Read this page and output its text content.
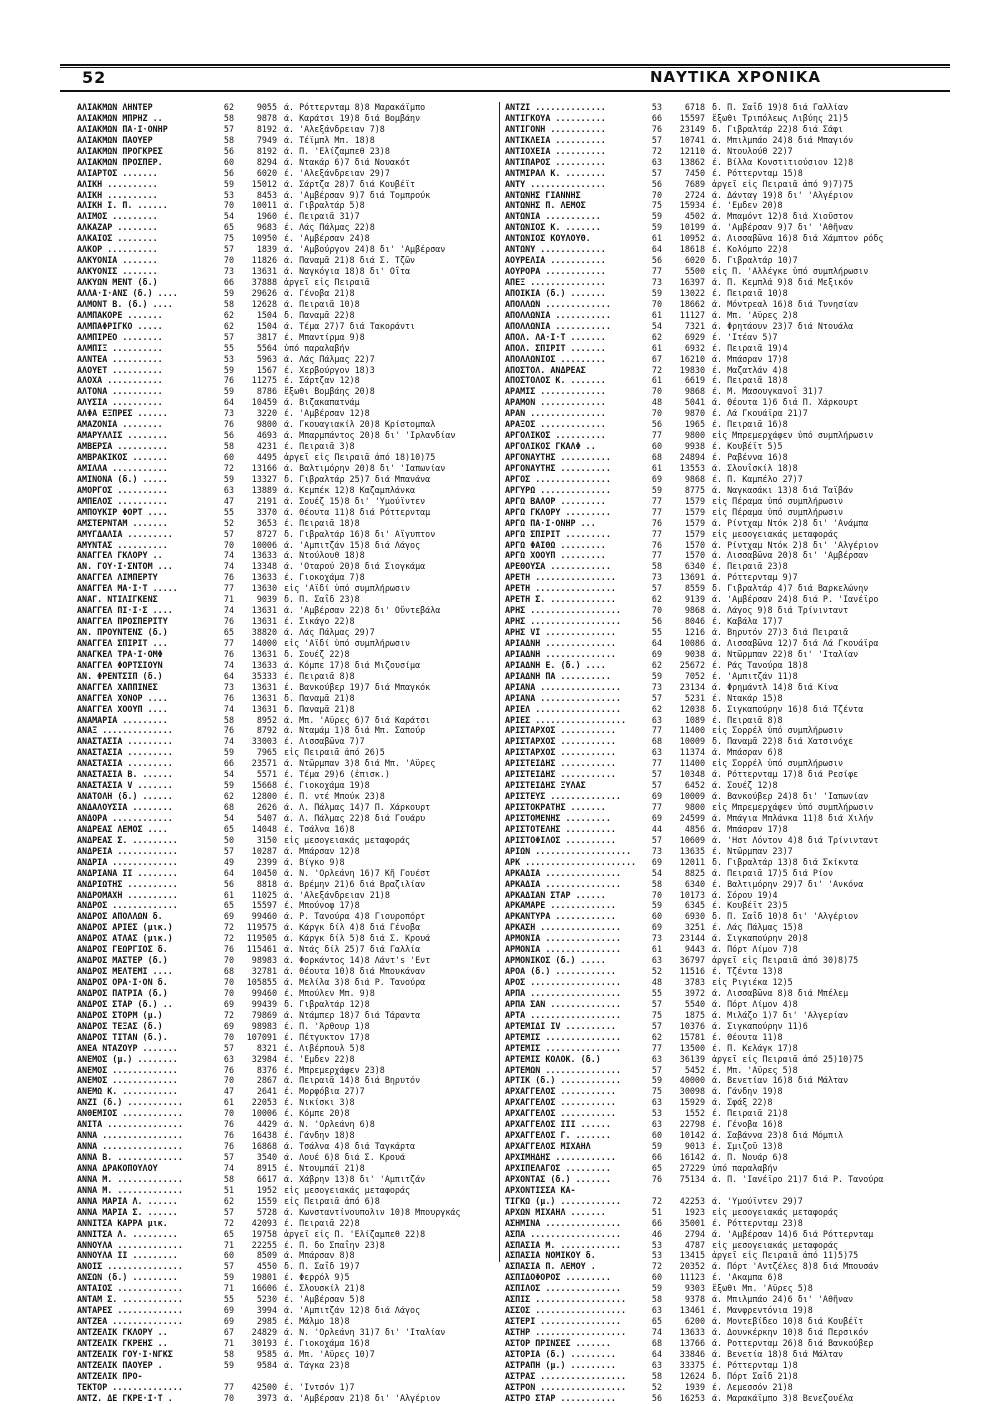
52	ΝΑΥΤΙΚΑ ΧΡΟΝΙΚΑ
ΑΛΙΑΚΜΩΝ ΛΗΝΤΕΡ	62	9055 ά. Ρόττερνταμ 8)8 Μαρακάϊμπο
ΑΛΙΑΚΜΩΝ ΜΠΡΗΖ ..	58	9878 ά. Καράτσι 19)8 διά Βομβάην
ΑΛΙΑΚΜΩΝ ΠΑ·Ι·ΟΝΗΡ	57	8192 ά. 'Αλεξάνδρειαν 7)8
ΑΛΙΑΚΜΩΝ ΠΑΟΥΕΡ	58	7949 ά. Τέϊμπλ Μπ. 18)8
ΑΛΙΑΚΜΩΝ ΠΡΟΓΚΡΕΣ	56	8192 ά. Π. 'Ελίζαμπεθ 23)8
ΑΛΙΑΚΜΩΝ ΠΡΟΣΠΕΡ.	60	8294 ά. Ντακάρ 6)7 διά Νουακότ
ΑΛΙΑΡΤΟΣ .......	56	6020 έ. 'Αλεξάνδρειαν 29)7
ΑΛΙΚΗ ..........	59	15012 ά. Σάρτζα 28)7 διά Κουβέϊτ
ΑΛΙΚΗ ..........	53	8453 ά. 'Αμβέρσαν 9)7 διά Τομπρούκ
ΑΛΙΚΗ Ι. Π. ......	70	10011 ά. Γιβραλτάρ 5)8
ΑΛΙΜΟΣ .........	54	1960 έ. Πειραιᾶ 31)7
ΑΛΚΑΖΑΡ ........	65	9683 έ. Λάς Πάλμας 22)8
ΑΛΚΑΙΟΣ ........	75	10950 έ. 'Αμβέρσαν 24)8
ΑΛΚΟΡ ..........	57	1839 ά. 'Αμβούργον 24)8 δι' 'Αμβέρσαν
ΑΛΚΥΟΝΙΑ .......	70	11826 ά. Παναμᾶ 21)8 διά Σ. Τζῶν
ΑΛΚΥΟΝΙΣ .......	73	13631 ά. Ναγκόγια 18)8 δι' Οΐτα
ΑΛΚΥΩΝ ΜΕΝΤ (δ.)	66	37888 ἀργεῖ εἰς Πειραιᾶ
ΑΛΛΑ·Ι·ΑΝΣ (δ.) ....	59	29626 ά. Γένοβα 21)8
ΑΛΜΟΝΤ Β. (δ.) ....	58	12628 ά. Πειραιᾶ 10)8
ΑΛΜΠΑΚΟΡΕ .......	62	1504 δ. Παναμᾶ 22)8
ΑΛΜΠΑΦΡΙΓΚΟ .....	62	1504 ά. Τέμα 27)7 διά Τακοράντι
ΑΛΜΠΙΡΕΟ ........	57	3817 έ. Μπαντίρμα 9)8
ΑΛΜΠΙΞ ..........	55	5564 ὑπό παραλαβήν
ΑΛΝΤΕΑ ..........	53	5963 ά. Λάς Πάλμας 22)7
ΑΛΟΥΕΤ ..........	59	1567 έ. Χερβούργον 18)3
ΑΛΟΧΑ ...........	76	11275 έ. Σάρτζαν 12)8
ΑΛΤΟΝΑ ..........	59	8786 ἔξωθι Βομβάης 20)8
ΑΛΥΣΙΑ ..........	64	10459 ά. Βιζακαπατνάμ
ΑΛΦΑ ΕΞΠΡΕΣ ......	73	3220 έ. 'Αμβέρσαν 12)8
ΑΜΑΖΟΝΙΑ ........	76	9800 ά. Γκουαγιακίλ 20)8 Κρίστομπαλ
ΑΜΑΡΥΛΛΙΣ ........	56	4693 ά. Μπαρμπάντος 20)8 δι' 'Ιρλανδίαν
ΑΜΒΕΡΣΑ ..........	58	4231 έ. Πειραιᾶ 3)8
ΑΜΒΡΑΚΙΚΟΣ .......	60	4495 ἀργεῖ εἰς Πειραιᾶ ἀπό 18)10)75
ΑΜΙΛΛΑ ...........	72	13166 ά. Βαλτιμόρην 20)8 δι' 'Ιαπωνίαν
ΑΜΙΝΟΝΑ (δ.) .....	59	13327 δ. Γιβραλτάρ 25)7 διά Μπανάνα
ΑΜΟΡΓΟΣ ..........	63	13889 ά. Κεμπέκ 12)8 Καζαμπλάνκα
ΑΜΠΕΛΟΣ ..........	47	2191 ά. Σουέζ 15)8 δι' 'Υμούϊντεν
ΑΜΠΟΥΚΙΡ ΦΟΡΤ ....	55	3370 ά. Θέουτα 11)8 διά Ρόττερνταμ
ΑΜΣΤΕΡΝΤΑΜ .......	52	3653 έ. Πειραιᾶ 18)8
ΑΜΥΓΔΑΛΙΑ .........	57	8727 δ. Γιβραλτάρ 16)8 δι' Αἴγυπτον
ΑΜΥΝΤΑΣ ..........	70	10006 ά. 'Αμπιτζάν 15)8 διά Λάγος
ΑΝΑΓΓΕΛ ΓΚΛΟΡΥ ..	74	13633 ά. Ντούλουθ 18)8
ΑΝ. ΓΟΥ·Ι·ΣΝΤΟΜ ...	74	13348 ά. 'Οταρού 20)8 διά Σιογκάμα
ΑΝΑΓΓΕΛ ΛΙΜΠΕΡΤΥ	76	13633 έ. Γιοκοχάμα 7)8
ΑΝΑΓΓΕΛ ΜΑ·Ι·Τ .....	77	13630 εἰς 'Αϊδί ὑπό συμπλήρωσιν
ΑΝΑΓ. ΝΤΙΛΙΓΚΕΝΣ	71	9039 δ. Π. Σαΐδ 23)8
ΑΝΑΓΓΕΛ ΠΙ·Ι·Σ ....	74	13631 ά. 'Αμβέρσαν 22)8 δι' Οὔντεβάλα
ΑΝΑΓΓΕΛ ΠΡΟΣΠΕΡΙΤΥ	76	13631 έ. Σικάγο 22)8
ΑΝ. ΠΡΟΥΝΤΕΝΣ (δ.)	65	38820 ά. Λάς Πάλμας 29)7
ΑΝΑΓΓΕΛ ΣΠΙΡΙΤ ...	77	14000 εἰς 'Αϊδί ὑπό συμπλήρωσιν
ΑΝΑΓΚΕΛ ΤΡΑ·Ι·ΟΜΦ	76	13631 δ. Σουέζ 22)8
ΑΝΑΓΓΕΛ ΦΟΡΤΣΙΟΥΝ	74	13633 ά. Κόμπε 17)8 διά Μιζουσίμα
ΑΝ. ΦΡΕΝΤΣΙΠ (δ.)	64	35333 έ. Πειραιᾶ 8)8
ΑΝΑΓΓΕΛ ΧΑΠΠΙΝΕΣ	73	13631 έ. Βανκούβερ 19)7 διά Μπαγκόκ
ΑΝΑΓΓΕΛ ΧΟΝΟΡ ....	76	13631 δ. Παναμᾶ 21)8
ΑΝΑΓΓΕΛ ΧΟΟΥΠ ....	74	13631 δ. Παναμᾶ 21)8
ΑΝΑΜΑΡΙΑ .........	58	8952 ά. Μπ. 'Αϋρες 6)7 διά Καράτσι
ΑΝΑΞ ..............	76	8792 ά. Νταμάμ 1)8 διά Μπ. Σαπούρ
ΑΝΑΣΤΑΣΙΑ .........	74	33003 έ. Λισσαβῶνα 7)7
ΑΝΑΣΤΑΣΙΑ .........	59	7965 εἰς Πειραιᾶ ἀπό 26)5
ΑΝΑΣΤΑΣΙΑ .........	66	23571 ά. Ντῶρμπαν 3)8 διά Μπ. 'Αϋρες
ΑΝΑΣΤΑΣΙΑ Β. ......	54	5571 έ. Τέμα 29)6 (ἐπισκ.)
ΑΝΑΣΤΑΣΙΑ V .......	59	15668 έ. Γιοκοχάμα 19)8
ΑΝΑΤΟΛΗ (δ.) ......	62	12800 έ. Π. ντέ Μπούκ 23)8
ΑΝΔΑΛΟΥΣΙΑ ........	68	2626 ά. Λ. Πάλμας 14)7 Π. Χάρκουρτ
ΑΝΔΟΡΑ ............	54	5407 ά. Λ. Πάλμας 22)8 διά Γουάρυ
ΑΝΔΡΕΑΣ ΛΕΜΟΣ ....	65	14048 έ. Τσάλνα 16)8
ΑΝΔΡΕΑΣ Σ. .........	50	3150 εἰς μεσογειακάς μεταφοράς
ΑΝΔΡΕΙΑ ............	57	10287 ά. Μπάρσαν 12)8
ΑΝΔΡΙΑ .............	49	2399 ά. Βίγκο 9)8
ΑΝΔΡΙΑΝΑ ΙΙ ........	64	10450 ά. Ν. 'Ορλεάνη 16)7 Κῆ Γουέστ
ΑΝΔΡΙΩΤΗΣ ..........	56	8818 ά. Βρέμην 21)6 διά Βραζιλίαν
ΑΝΔΡΟΜΑΧΗ ..........	61	11025 ά. 'Αλεξάνδρειαν 21)8
ΑΝΔΡΟΣ .............	65	15597 έ. Μπούνοφ 17)8
ΑΝΔΡΟΣ ΑΠΟΛΛΩΝ δ.	69	99460 ά. Ρ. Τανούρα 4)8 Γιουροπόρτ
ΑΝΔΡΟΣ ΑΡΙΕΣ (μικ.)	72	119575 ά. Κάργκ δίλ 4)8 διά Γένοβα
ΑΝΔΡΟΣ ΑΤΛΑΣ (μικ.)	72	119505 ά. Κάργκ δίλ 5)8 διά Σ. Κρουά
ΑΝΔΡΟΣ ΓΕΩΡΓΙΟΣ δ.	76	115461 ά. Ντάς δίλ 25)7 διά Γαλλία
ΑΝΔΡΟΣ ΜΑΣΤΕΡ (δ.)	70	98983 ά. Φορκάντος 14)8 Λάντ's 'Εντ
ΑΝΔΡΟΣ ΜΕΛΤΕΜΙ ....	68	32781 ά. Θέουτα 10)8 διά Μπουκάναν
ΑΝΔΡΟΣ ΟΡΑ·Ι·ΟΝ δ.	70	105855 ά. Μελίλα 3)8 διά Ρ. Τανούρα
ΑΝΔΡΟΣ ΠΑΤΡΙΑ (δ.)	70	99460 έ. Μπούλεν Μπ. 9)8
ΑΝΔΡΟΣ ΣΤΑΡ (δ.) ..	69	99439 δ. Γιβραλτάρ 12)8
ΑΝΔΡΟΣ ΣΤΟΡΜ (μ.)	72	79869 ά. Ντάμπερ 18)7 διά Τάραντα
ΑΝΔΡΟΣ ΤΕΞΑΣ (δ.)	69	98983 έ. Π. 'Άρθουρ 1)8
ΑΝΔΡΟΣ ΤΙΤΑΝ (δ.).	70	107091 έ. Πέτγυκτον 17)8
ΑΝΕΑ ΝΤΑΖΟΥΡ .......	57	8321 έ. Λιβέρπουλ 5)8
ΑΝΕΜΟΣ (μ.) ........	63	32984 έ. 'Εμδεν 22)8
ΑΝΕΜΟΣ .............	76	8376 έ. Μπρεμερχάφεν 23)8
ΑΝΕΜΟΣ .............	70	2867 ά. Πειραιᾶ 14)8 διά Βηρυτόν
ΑΝΕΜΩ Κ. ...........	47	2641 έ. Μορφόβια 27)7
ΑΝΖΙ (δ.) ...........	61	22053 έ. Νικίσκι 3)8
ΑΝΘΕΜΙΟΣ ............	70	10006 έ. Κόμπε 20)8
ΑΝΙΤΑ ...............	76	4429 ά. Ν. 'Ορλεάνη 6)8
ΑΝΝΑ ................	76	16438 έ. Γάνδην 18)8
ΑΝΝΑ ................	76	16868 ά. Τσάλνα 4)8 διά Ταγκάρτα
ΑΝΝΑ Β. .............	57	3540 ά. Λουέ 6)8 διά Σ. Κρουά
ΑΝΝΑ ΔΡΑΚΟΠΟΥΛΟΥ	74	8915 έ. Ντουμπάϊ 21)8
ΑΝΝΑ Μ. .............	58	6617 ά. Χάβρην 13)8 δι' 'Αμπιτζάν
ΑΝΝΑ Μ. .............	51	1952 εἰς μεσογειακάς μεταφοράς
ΑΝΝΑ ΜΑΡΙΑ Λ. ......	62	1559 εἰς Πειραιᾶ ἀπό 6)8
ΑΝΝΑ ΜΑΡΙΑ Σ. ......	57	5728 ά. Κωνσταντίνουπολιν 10)8 Μπουργκάς
ΑΝΝΙΤΣΑ ΚΑΡΡΑ μικ.	72	42093 έ. Πειραιᾶ 22)8
ΑΝΝΙΤΣΑ Λ. .........	65	19758 ἀργεῖ εἰς Π. 'Ελίζαμπεθ 22)8
ΑΝΝΟΥΛΑ .............	71	22255 έ. Π. δο Σπαΐην 23)8
ΑΝΝΟΥΛΑ ΙΙ .........	60	8509 ά. Μπάρσαν 8)8
ΑΝΟΙΣ ...............	57	4550 δ. Π. Σαΐδ 19)7
ΑΝΣΩΝ (δ.) .........	59	19801 έ. Φερρόλ 9)5
ΑΝΤΑΙΟΣ .............	71	16606 έ. Σλουσκίλ 21)8
ΑΝΤΑΜ Σ. ............	55	5230 έ. 'Αμβέρσαν 5)8
ΑΝΤΑΡΕΣ .............	69	3994 ά. 'Αμπιτζάν 12)8 διά Λάγος
ΑΝΤΖΕΑ ..............	69	2985 έ. Μάλμο 18)8
ΑΝΤΖΕΛΙΚ ΓΚΛΟΡΥ ..	67	24829 ά. Ν. 'Ορλεάνη 31)7 δι' 'Ιταλίαν
ΑΝΤΖΕΛΙΚ ΓΚΡΕΗΣ ..	71	30193 έ. Γιοκοχάμα 16)8
ΑΝΤΖΕΛΙΚ ΓΟΥ·Ι·ΝΓΚΣ	58	9585 ά. Μπ. 'Αϋρες 10)7
ΑΝΤΖΕΛΙΚ ΠΑΟΥΕΡ .	59	9584 ά. Τάγκα 23)8
ΑΝΤΖΕΛΙΚ ΠΡΟ-
ΤΕΚΤΟΡ ..............	77	42500 έ. 'Ιντσόν 1)7
ΑΝΤΖ. ΔΕ ΓΚΡΕ·Ι·Τ .	70	3973 ά. 'Αμβέρσαν 21)8 δι' 'Αλγέριον
ΑΝΤΖΙ ..............	53	6718 δ. Π. Σαΐδ 19)8 διά Γαλλίαν
ΑΝΤΙΓΚΟΥΑ ..........	66	15597 ἔξωθι Τριπόλεως Λιβύης 21)5
ΑΝΤΙΓΟΝΗ ...........	76	23149 δ. Γιβραλτάρ 22)8 διά Σάφι
ΑΝΤΙΚΛΕΙΑ ..........	57	10741 ά. Μπιλμπάο 24)8 διά Μπαγιόν
ΑΝΤΙΟΧΕΙΑ ..........	72	12110 ά. Ντουλούθ 22)7
ΑΝΤΙΠΑΡΟΣ ..........	63	13862 έ. Βίλλα Κονστιτιούσιον 12)8
ΑΝΤΜΙΡΑΛ Κ. ........	57	7450 έ. Ρόττερνταμ 15)8
ΑΝΤΥ ...............	56	7689 ἀργεῖ εἰς Πειραιᾶ ἀπό 9)7)75
ΑΝΤΩΝΗΣ ΓΙΑΝΝΗΣ	70	2724 ά. Δάνταγ 19)8 δι' 'Αλγέριον
ΑΝΤΩΝΗΣ Π. ΛΕΜΟΣ	75	15934 έ. 'Εμδεν 20)8
ΑΝΤΩΝΙΑ ...........	59	4502 ά. Μπαμόντ 12)8 διά Χιοῦστον
ΑΝΤΩΝΙΟΣ Κ. .......	59	10199 ά. 'Αμβέρσαν 9)7 δι' 'Αθῆναν
ΑΝΤΩΝΙΟΣ ΚΟΥΛΟΥΘ.	61	10952 ά. Λισσαβῶνα 16)8 διά Χάμπτον ρόδς
ΑΝΤΩΝΥ .............	64	18618 έ. Κολόμπο 22)8
ΑΟΥΡΕΛΙΑ ...........	56	6020 δ. Γιβραλτάρ 10)7
ΑΟΥΡΟΡΑ ............	77	5500 εἰς Π. 'Αλλέγκε ὑπό συμπλήρωσιν
ΑΠΕΞ ...............	73	16397 ά. Π. Κεμπλά 9)8 διά Μεξικόν
ΑΠΟΙΚΙΑ (δ.) .......	59	13022 έ. Πειραιᾶ 10)8
ΑΠΟΛΛΩΝ .............	70	18662 ά. Μόντρεαλ 16)8 διά Τυνησίαν
ΑΠΟΛΛΩΝΙΑ ...........	61	11127 ά. Μπ. 'Αϋρες 2)8
ΑΠΟΛΛΩΝΙΑ ...........	54	7321 ά. Φρητάουν 23)7 διά Ντουάλα
ΑΠΟΛ. ΛΑ·Ι·Τ .......	62	6929 έ. 'Ιτέαν 5)7
ΑΠΟΛ. ΣΠΙΡΙΤ .......	61	6932 έ. Πειραιᾶ 19)4
ΑΠΟΛΛΩΝΙΟΣ .........	67	16210 ά. Μπάσραν 17)8
ΑΠΟΣΤΟΛ. ΑΝΔΡΕΑΣ	72	19830 έ. Μαζατλάν 4)8
ΑΠΟΣΤΟΛΟΣ Κ. .......	61	6619 έ. Πειραιᾶ 18)8
ΑΡΑΜΙΣ .............	70	9868 έ. Μ. Μασουγκανοΐ 31)7
ΑΡΑΜΟΝ .............	48	5041 ά. Θέουτα 1)6 διά Π. Χάρκουρτ
ΑΡΑΝ ...............	70	9870 έ. Λά Γκουάϊρα 21)7
ΑΡΑΞΟΣ .............	56	1965 έ. Πειραιᾶ 16)8
ΑΡΓΟΛΙΚΟΣ ..........	77	9800 εἰς Μπρεμερχάφεν ὑπό συμπλήρωσιν
ΑΡΓΟΛΙΚΟΣ ΓΚΑΛΦ ..	60	9938 έ. Κουβέϊτ 5)5
ΑΡΓΟΝΑΥΤΗΣ ..........	68	24894 έ. Ραβέννα 16)8
ΑΡΓΟΝΑΥΤΗΣ ..........	61	13553 ά. Σλουΐσκίλ 18)8
ΑΡΓΟΣ ...............	69	9868 έ. Π. Καμπέλο 27)7
ΑΡΓΥΡΩ ..............	59	8775 ά. Ναγκασάκι 13)8 διά Ταϊβάν
ΑΡΓΩ ΒΑΛΟΡ .........	77	1579 εἰς Πέραμα ὑπό συμπλήρωσιν
ΑΡΓΩ ΓΚΛΟΡΥ .........	77	1579 εἰς Πέραμα ὑπό συμπλήρωσιν
ΑΡΓΩ ΠΑ·Ι·ΟΝΗΡ ...	76	1579 ά. Ρίντχαμ Ντόκ 2)8 δι' 'Ανάμπα
ΑΡΓΩ ΣΠΙΡΙΤ .........	77	1579 εἰς μεσογειακάς μεταφοράς
ΑΡΓΩ ΦΑΙΘΩ .........	76	1570 ά. Ρίντχαμ Ντόκ 2)8 δι' 'Αλγέριον
ΑΡΓΩ ΧΟΟΥΠ .........	77	1570 ά. Λισσαβῶνα 20)8 δι' 'Αμβέρσαν
ΑΡΕΘΟΥΣΑ ............	58	6340 έ. Πειραιᾶ 23)8
ΑΡΕΤΗ ................	73	13691 ά. Ρόττερνταμ 9)7
ΑΡΕΤΗ ................	57	8559 δ. Γιβραλτάρ 4)7 διά Βαρκελώνην
ΑΡΕΤΗ Σ. .............	62	9139 ά. 'Αμβέρσαν 24)8 διά Ρ. 'Ιανέϊρο
ΑΡΗΣ ..................	70	9868 ά. Λάγος 9)8 διά Τρίνινταντ
ΑΡΗΣ ..................	56	8046 έ. Καβάλα 17)7
ΑΡΗΣ VI ..............	55	1216 ά. Βηρυτόν 27)3 διά Πειραιᾶ
ΑΡΙΑΔΝΗ ..............	64	10086 ά. Λισσαβῶνα 12)7 διά Λά Γκουάϊρα
ΑΡΙΑΔΝΗ ..............	69	9038 ά. Ντῶρμπαν 22)8 δι' 'Ιταλίαν
ΑΡΙΑΔΝΗ Ε. (δ.) ....	62	25672 έ. Ράς Τανούρα 18)8
ΑΡΙΑΔΝΗ ΠΑ ..........	59	7052 έ. 'Αμπιτζάν 11)8
ΑΡΙΑΝΑ ................	73	23134 ά. Φρημάντλ 14)8 διά Κίνα
ΑΡΙΑΝΑ ................	57	5231 έ. Ντακάρ 15)8
ΑΡΙΕΛ .................	62	12038 δ. Σιγκαπούρην 16)8 διά Τζέντα
ΑΡΙΕΣ ..................	63	1089 έ. Πειραιᾶ 8)8
ΑΡΙΣΤΑΡΧΟΣ ...........	77	11400 εἰς Σορρέλ ὑπό συμπλήρωσιν
ΑΡΙΣΤΑΡΧΟΣ ...........	68	10009 δ. Παναμᾶ 22)8 διά Χατσινόχε
ΑΡΙΣΤΑΡΧΟΣ ...........	63	11374 ά. Μπάσραν 6)8
ΑΡΙΣΤΕΙΔΗΣ ...........	77	11400 εἰς Σορρέλ ὑπό συμπλήρωσιν
ΑΡΙΣΤΕΙΔΗΣ ...........	57	10348 ά. Ρόττερνταμ 17)8 διά Ρεσίφε
ΑΡΙΣΤΕΙΔΗΣ ΞΥΛΑΣ	57	6452 ά. Σουέζ 12)8
ΑΡΙΣΤΕΥΣ ..............	69	10009 ά. Βανκούβερ 24)8 δι' 'Ιαπωνίαν
ΑΡΙΣΤΟΚΡΑΤΗΣ .......	77	9800 εἰς Μπρεμερχάφεν ὑπό συμπλήρωσιν
ΑΡΙΣΤΟΜΕΝΗΣ .........	69	24599 ά. Μπάγια Μπλάνκα 11)8 διά Χιλήν
ΑΡΙΣΤΟΤΕΛΗΣ ..........	44	4856 ά. Μπάσραν 17)8
ΑΡΙΣΤΟΦΙΛΟΣ ..........	57	10609 ά. 'Ηστ Λόντον 4)8 διά Τρίνινταντ
ΑΡΙΩΝ ...................	73	13635 έ. Ντῶρμπαν 23)7
ΑΡΚ ......................	69	12011 δ. Γιβραλτάρ 13)8 διά Σκίκντα
ΑΡΚΑΔΙΑ ...............	54	8825 ά. Πειραιᾶ 17)5 διά Ρίον
ΑΡΚΑΔΙΑ ...............	58	6340 έ. Βαλτιμόρην 29)7 δι' 'Ανκόνα
ΑΡΚΑΔΙΑΝ ΣΤΑΡ ......	70	10173 ά. Σόρου 19)4
ΑΡΚΑΜΑΡΕ .............	59	6345 έ. Κουβέϊτ 23)5
ΑΡΚΑΝΤΥΡΑ ............	60	6930 δ. Π. Σαΐδ 10)8 δι' 'Αλγέριον
ΑΡΚΑΣΗ ................	69	3251 έ. Λάς Πάλμας 15)8
ΑΡΜΟΝΙΑ ...............	73	23144 ά. Σιγκαπούρην 20)8
ΑΡΜΟΝΙΑ ...............	61	9443 ά. Πόρτ Λίμον 7)8
ΑΡΜΟΝΙΚΟΣ (δ.) .....	63	36797 ἀργεῖ εἰς Πειραιᾶ ἀπό 30)8)75
ΑΡΟΑ (δ.) ............	52	11516 έ. Τζέντα 13)8
ΑΡΟΣ ..................	48	3783 εἰς Ριγιέκα 12)5
ΑΡΠΑ ..................	55	3972 ά. Λισσαβῶνα 8)8 διά Μπέλεμ
ΑΡΠΑ ΣΑΝ ..............	57	5540 ά. Πόρτ Λίμον 4)8
ΑΡΤΑ ..................	75	1875 ά. Μιλάζο 1)7 δι' 'Αλγερίαν
ΑΡΤΕΜΙΔΙ IV ..........	57	10376 ά. Σιγκαπούρην 11)6
ΑΡΤΕΜΙΣ ...............	62	15781 έ. Θέουτα 11)8
ΑΡΤΕΜΙΣ ...............	77	13500 έ. Π. Κελάγκ 17)8
ΑΡΤΕΜΙΣ ΚΟΛΟΚ. (δ.)	63	36139 ἀργεῖ εἰς Πειραιᾶ ἀπό 25)10)75
ΑΡΤΕΜΩΝ ...............	57	5452 έ. Μπ. 'Αϋρες 5)8
ΑΡΤΙΚ (δ.) ............	59	40000 ά. Βενετίαν 16)8 διά Μάλταν
ΑΡΧΑΓΓΕΛΟΣ ...........	75	30098 ά. Γάνδην 19)8
ΑΡΧΑΓΓΕΛΟΣ ...........	63	15929 ά. Σφάξ 22)8
ΑΡΧΑΓΓΕΛΟΣ ...........	53	1552 έ. Πειραιᾶ 21)8
ΑΡΧΑΓΓΕΛΟΣ ΙΙΙ ......	63	22798 έ. Γένοβα 16)8
ΑΡΧΑΓΓΕΛΟΣ Γ. .......	60	10142 ά. Σαβάννα 23)8 διά Μόμπιλ
ΑΡΧΑΓΓΕΛΟΣ ΜΙΧΑΗΛ	59	9013 έ. Σμιζοῦ 13)8
ΑΡΧΙΜΗΔΗΣ ............	66	16142 ά. Π. Νουάρ 6)8
ΑΡΧΙΠΕΛΑΓΟΣ .........	65	27229 ὑπό παραλαβήν
ΑΡΧΟΝΤΑΣ (δ.) .......	76	75134 ά. Π. 'Ιανέϊρο 21)7 διά Ρ. Τανούρα
ΑΡΧΟΝΤΙΣΣΑ ΚΑ-
ΤΙΓΚΩ (μ.) ............	72	42253 ά. 'Υμούϊντεν 29)7
ΑΡΧΩΝ ΜΙΧΑΗΛ .......	51	1923 εἰς μεσογειακάς μεταφοράς
ΑΣΗΜΙΝΑ ...............	66	35001 έ. Ρόττερνταμ 23)8
ΑΣΠΑ ..................	46	2794 ά. 'Αμβέρσαν 14)6 διά Ρόττερνταμ
ΑΣΠΑΣΙΑ Μ. ............	53	4787 εἰς μεσογειακάς μεταφοράς
ΑΣΠΑΣΙΑ ΝΟΜΙΚΟΥ δ.	53	13415 ἀργεῖ εἰς Πειραιᾶ ἀπό 11)5)75
ΑΣΠΑΣΙΑ Π. ΛΕΜΟΥ .	72	20352 ά. Πόρτ 'Αντζέλες 8)8 διά Μπουσάν
ΑΣΠΙΔΟΦΟΡΟΣ .........	60	11123 έ. 'Ακαμπα 6)8
ΑΣΠΙΛΟΣ ...............	59	9303 ἔξωθι Μπ. 'Αϋρες 5)8
ΑΣΠΙΣ ..................	58	9378 ά. Μπιλμπάο 24)6 δι' 'Αθῆναν
ΑΣΣΟΣ ..................	63	13461 έ. Μανφρεντόνια 19)8
ΑΣΤΕΡΙ ................	65	6200 ά. Μοντεβίδεο 10)8 διά Κουβέϊτ
ΑΣΤΗΡ ..................	74	13633 ά. Δουνκέρκην 10)8 διά Περσικόν
ΑΣΤΟΡ ΠΡΙΝΣΕΣ .......	68	13766 ά. Ροττερνταμ 26)8 διά Βανκούβερ
ΑΣΤΟΡΙΑ (δ.) .........	64	33846 ά. Βενετία 18)8 διά Μάλταν
ΑΣΤΡΑΠΗ (μ.) .........	63	33375 έ. Ρόττερνταμ 1)8
ΑΣΤΡΑΣ .................	58	12624 δ. Πόρτ Σαΐδ 21)8
ΑΣΤΡΟΝ .................	52	1939 έ. Λεμεσσόν 21)8
ΑΣΤΡΟ ΣΤΑΡ ...........	56	16253 ά. Μαρακάϊμπο 3)8 Βενεζουέλα
